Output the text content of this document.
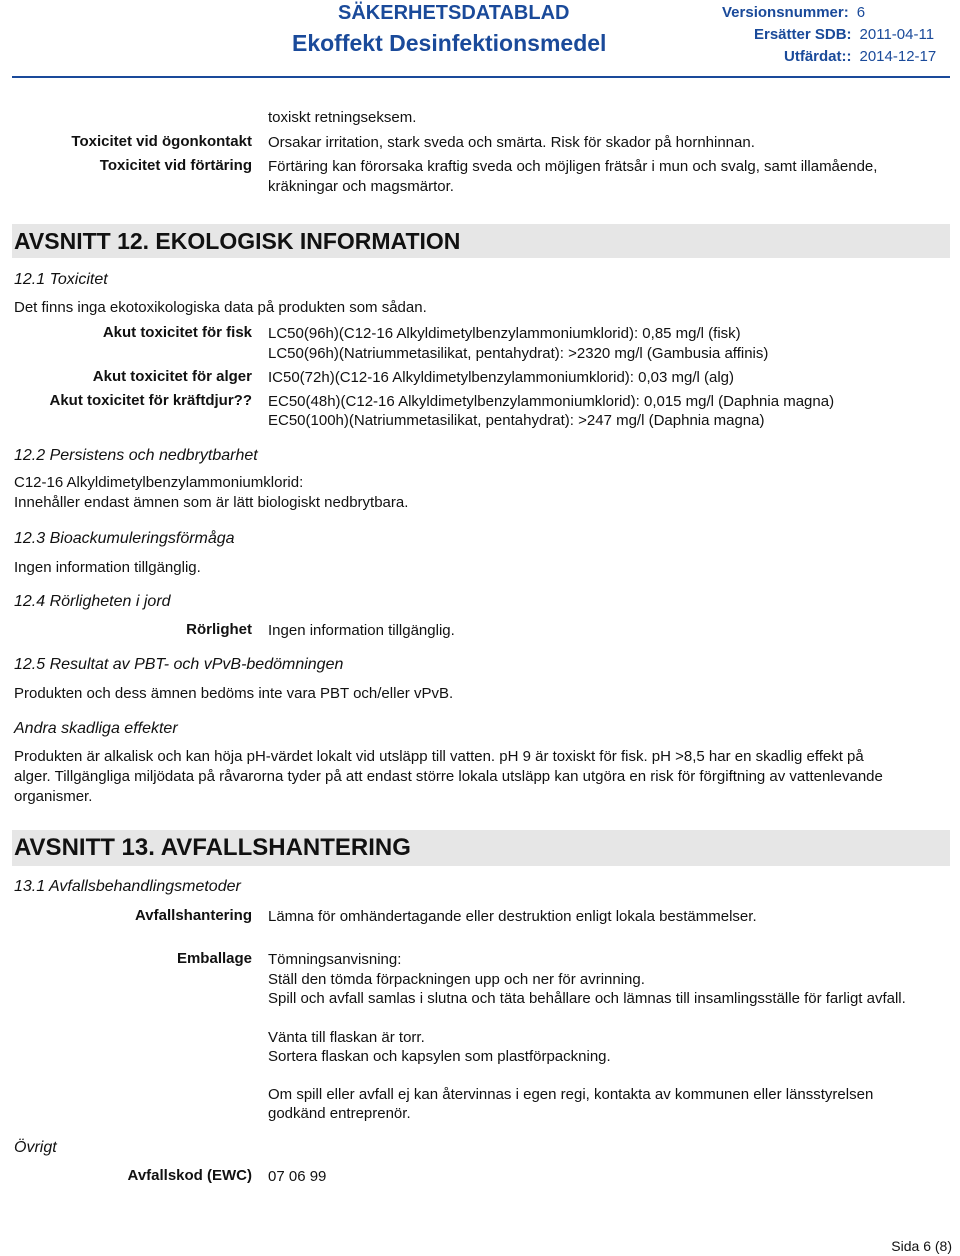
SÄKERHETSDATABLAD
Ekoffekt Desinfektionsmedel
Versionsnummer: 6
Ersätter SDB: 2011-04-11
Utfärdat:: 2014-12-17
toxiskt retningseksem.
Toxicitet vid ögonkontakt Orsakar irritation, stark sveda och smärta. Risk för skador på hornhinnan.
Toxicitet vid förtäring Förtäring kan förorsaka kraftig sveda och möjligen frätsår i mun och svalg, samt illamående,
kräkningar och magsmärtor.
AVSNITT 12. EKOLOGISK INFORMATION
12.1 Toxicitet
Det finns inga ekotoxikologiska data på produkten som sådan.
Akut toxicitet för fisk LC50(96h)(C12-16 Alkyldimetylbenzylammoniumklorid): 0,85 mg/l (fisk)
LC50(96h)(Natriummetasilikat, pentahydrat): >2320 mg/l (Gambusia affinis)
Akut toxicitet för alger IC50(72h)(C12-16 Alkyldimetylbenzylammoniumklorid): 0,03 mg/l (alg)
Akut toxicitet för kräftdjur?? EC50(48h)(C12-16 Alkyldimetylbenzylammoniumklorid): 0,015 mg/l (Daphnia magna)
EC50(100h)(Natriummetasilikat, pentahydrat): >247 mg/l (Daphnia magna)
12.2 Persistens och nedbrytbarhet
C12-16 Alkyldimetylbenzylammoniumklorid:
Innehåller endast ämnen som är lätt biologiskt nedbrytbara.
12.3 Bioackumuleringsförmåga
Ingen information tillgänglig.
12.4 Rörligheten i jord
Rörlighet Ingen information tillgänglig.
12.5 Resultat av PBT- och vPvB-bedömningen
Produkten och dess ämnen bedöms inte vara PBT och/eller vPvB.
Andra skadliga effekter
Produkten är alkalisk och kan höja pH-värdet lokalt vid utsläpp till vatten. pH 9 är toxiskt för fisk. pH >8,5 har en skadlig effekt på
alger. Tillgängliga miljödata på råvarorna tyder på att endast större lokala utsläpp kan utgöra en risk för förgiftning av vattenlevande
organismer.
AVSNITT 13. AVFALLSHANTERING
13.1 Avfallsbehandlingsmetoder
Avfallshantering Lämna för omhändertagande eller destruktion enligt lokala bestämmelser.
Emballage Tömningsanvisning:
Ställ den tömda förpackningen upp och ner för avrinning.
Spill och avfall samlas i slutna och täta behållare och lämnas till insamlingsställe för farligt avfall.
Vänta till flaskan är torr.
Sortera flaskan och kapsylen som plastförpackning.
Om spill eller avfall ej kan återvinnas i egen regi, kontakta av kommunen eller länsstyrelsen
godkänd entreprenör.
Övrigt
Avfallskod (EWC) 07 06 99
Sida 6 (8)
